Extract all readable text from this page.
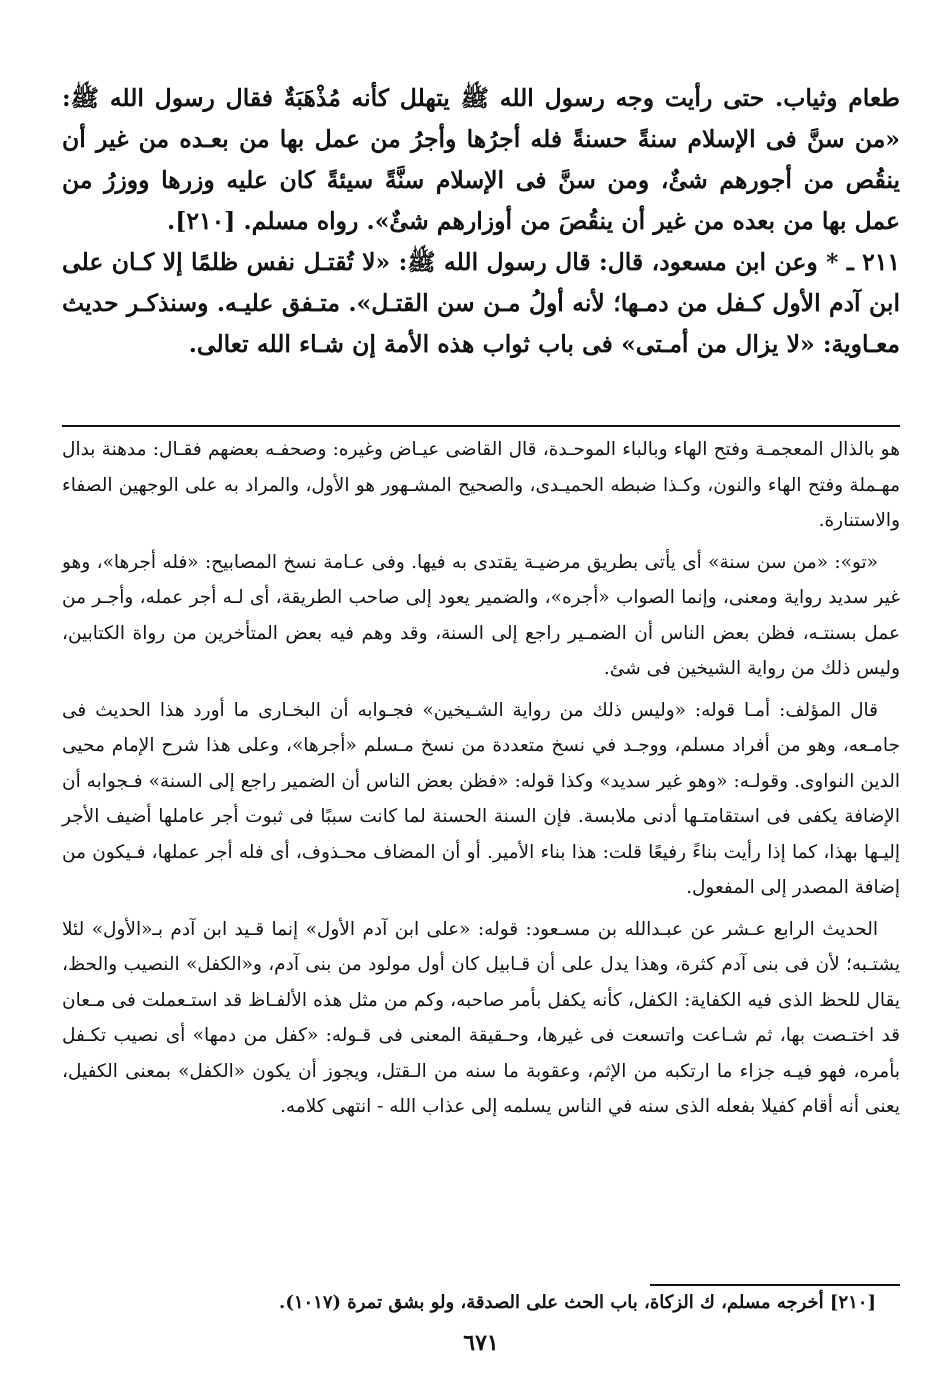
طعام وثياب. حتى رأيت وجه رسول الله ﷺ يتهلل كأنه مُذْهَبَةٌ فقال رسول الله ﷺ: «من سنَّ فى الإسلام سنةً حسنةً فله أجرُها وأجرُ من عمل بها من بعـده من غير أن ينقُص من أجورهم شئٌ، ومن سنَّ فى الإسلام سنَّةً سيئةً كان عليه وزرها ووزرُ من عمل بها من بعده من غير أن ينقُصَ من أوزارهم شئٌ». رواه مسلم. [٢١٠].

٢١١ ـ * وعن ابن مسعود، قال: قال رسول الله ﷺ: «لا تُقتـل نفس ظلمًا إلا كـان على ابن آدم الأول كـفل من دمـها؛ لأنه أولُ مـن سن القتـل». متـفق عليـه. وسنذكـر حديث معـاوية: «لا يزال من أمـتى» فى باب ثواب هذه الأمة إن شـاء الله تعالى.

هو بالذال المعجمـة وفتح الهاء وبالباء الموحـدة، قال القاضى عيـاض وغيره: وصحفـه بعضهم فقـال: مدهنة بدال مهـملة وفتح الهاء والنون، وكـذا ضبطه الحميـدى، والصحيح المشـهور هو الأول، والمراد به على الوجهين الصفاء والاستنارة.

«تو»: «من سن سنة» أى يأتى بطريق مرضيـة يقتدى به فيها. وفى عـامة نسخ المصابيح: «فله أجرها»، وهو غير سديد رواية ومعنى، وإنما الصواب «أجره»، والضمير يعود إلى صاحب الطريقة، أى لـه أجر عمله، وأجـر من عمل بسنتـه، فظن بعض الناس أن الضمـير راجع إلى السنة، وقد وهم فيه بعض المتأخرين من رواة الكتابين، وليس ذلك من رواية الشيخين فى شئ.

قال المؤلف: أمـا قوله: «وليس ذلك من رواية الشـيخين» فجـوابه أن البخـارى ما أورد هذا الحديث فى جامـعه، وهو من أفراد مسلم، ووجـد في نسخ متعددة من نسخ مـسلم «أجرها»، وعلى هذا شرح الإمام محيى الدين النواوى. وقولـه: «وهو غير سديد» وكذا قوله: «فظن بعض الناس أن الضمير راجع إلى السنة» فـجوابه أن الإضافة يكفى فى استقامتـها أدنى ملابسة. فإن السنة الحسنة لما كانت سببًا فى ثبوت أجر عاملها أضيف الأجر إليـها بهذا، كما إذا رأيت بناءً رفيعًا قلت: هذا بناء الأمير. أو أن المضاف محـذوف، أى فله أجر عملها، فـيكون من إضافة المصدر إلى المفعول.

الحديث الرابع عـشر عن عبـدالله بن مسـعود: قوله: «على ابن آدم الأول» إنما قـيد ابن آدم بـ«الأول» لئلا يشتـبه؛ لأن فى بنى آدم كثرة، وهذا يدل على أن قـابيل كان أول مولود من بنى آدم، و«الكفل» النصيب والحظ، يقال للحظ الذى فيه الكفاية: الكفل، كأنه يكفل بأمر صاحبه، وكم من مثل هذه الألفـاظ قد استـعملت فى مـعان قد اختـصت بها، ثم شـاعت واتسعت فى غيرها، وحـقيقة المعنى فى قـوله: «كفل من دمها» أى نصيب تكـفل بأمره، فهو فيـه جزاء ما ارتكبه من الإثم، وعقوبة ما سنه من الـقتل، ويجوز أن يكون «الكفل» بمعنى الكفيل، يعنى أنه أقام كفيلا بفعله الذى سنه في الناس يسلمه إلى عذاب الله - انتهى كلامه.

[٢١٠] أخرجه مسلم، ك الزكاة، باب الحث على الصدقة، ولو بشق تمرة (١٠١٧).
٦٧١
